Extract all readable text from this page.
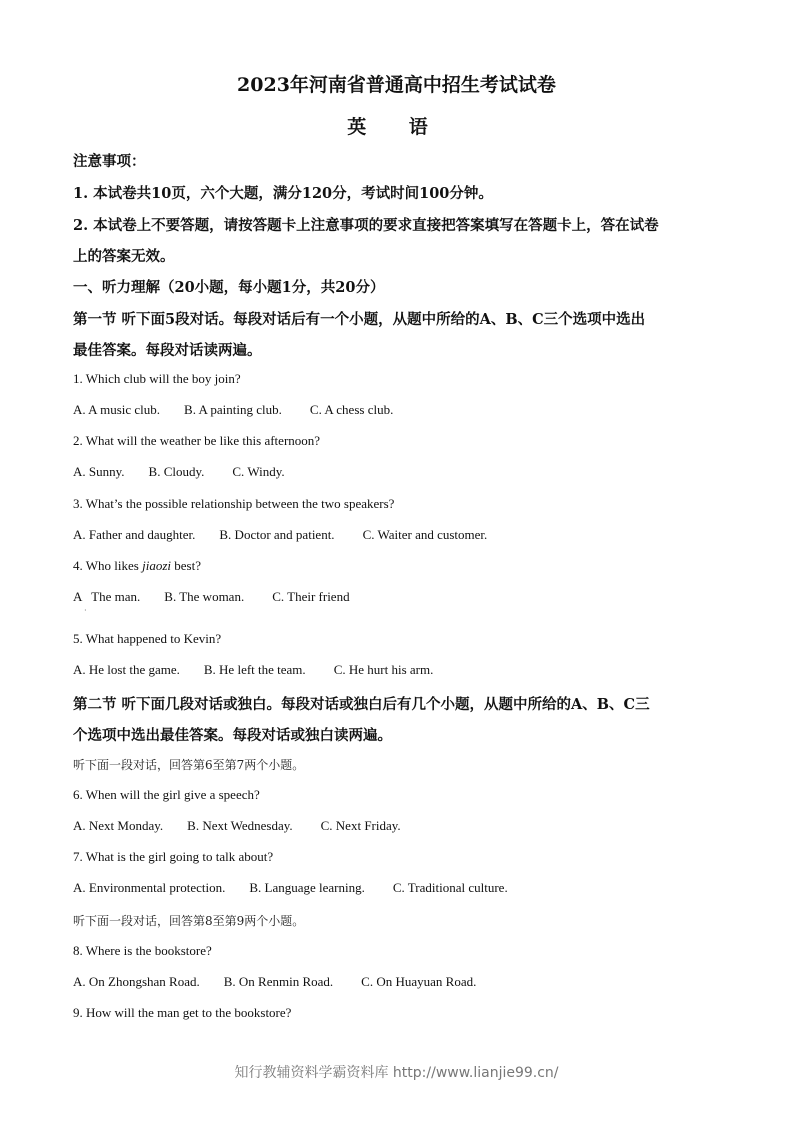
2023年河南省普通高中招生考试试卷
英 语
注意事项：
1. 本试卷共10页，六个大题，满分120分，考试时间100分钟。
2. 本试卷上不要答题，请按答题卡上注意事项的要求直接把答案填写在答题卡上，答在试卷
上的答案无效。
一、听力理解（20小题，每小题1分，共20分）
第一节 听下面5段对话。每段对话后有一个小题，从题中所给的A、B、C三个选项中选出
最佳答案。每段对话读两遍。
1. Which club will the boy join?
A. A music club. B. A painting club. C. A chess club.
2. What will the weather be like this afternoon?
A. Sunny. B. Cloudy. C. Windy.
3. What’s the possible relationship between the two speakers?
A. Father and daughter. B. Doctor and patient. C. Waiter and customer.
4. Who likes jiaozi best?
A   The man. B. The woman. C. Their friend
·
5. What happened to Kevin?
A. He lost the game. B. He left the team. C. He hurt his arm.
第二节 听下面几段对话或独白。每段对话或独白后有几个小题，从题中所给的A、B、C三
个选项中选出最佳答案。每段对话或独白读两遍。
听下面一段对话，回答第6至第7两个小题。
6. When will the girl give a speech?
A. Next Monday. B. Next Wednesday. C. Next Friday.
7. What is the girl going to talk about?
A. Environmental protection. B. Language learning. C. Traditional culture.
听下面一段对话，回答第8至第9两个小题。
8. Where is the bookstore?
A. On Zhongshan Road. B. On Renmin Road. C. On Huayuan Road.
9. How will the man get to the bookstore?
知行教辅资料学霸资料库 http://www.lianjie99.cn/
